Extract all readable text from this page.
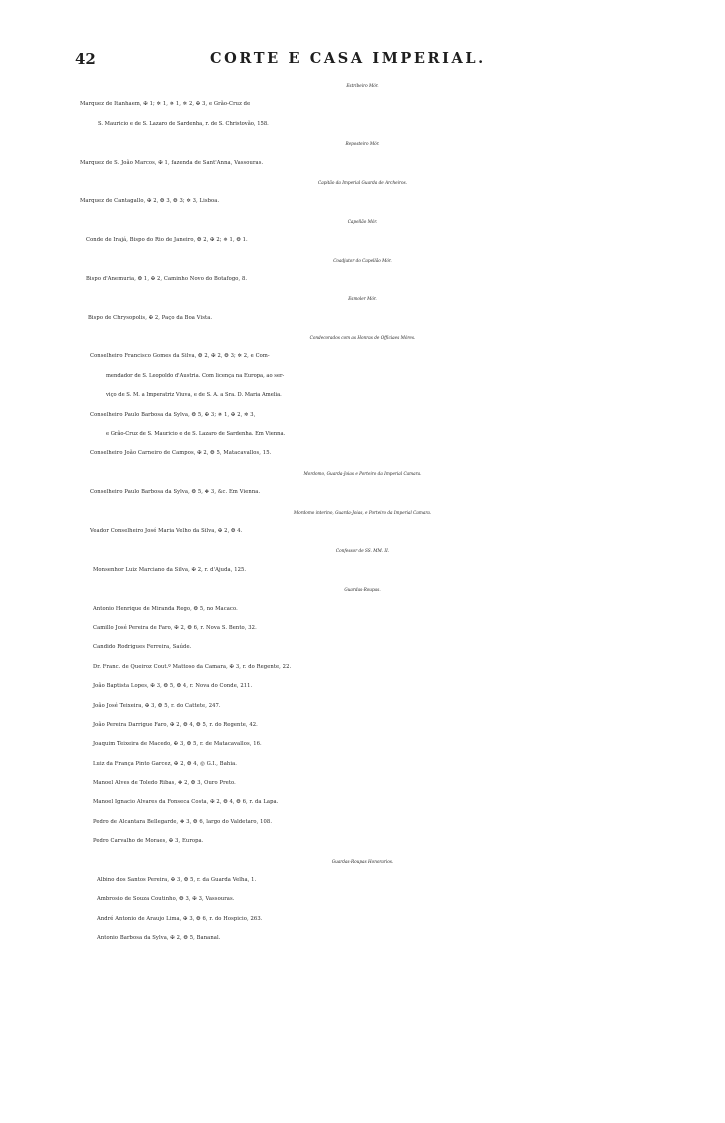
42	CORTE E CASA IMPERIAL.
Estribeiro Mór.
Marquez de Itanhaem, ✠ 1; ✲ 1, ✵ 1, ✲ 2, ✠ 3, e Grão-Cruz de
S. Mauricio e de S. Lazaro de Sardenha, r. de S. Christovão, 158.
Reposteiro Mór.
Marquez de S. João Marcos, ✠ 1, fazenda de Sant'Anna, Vassouras.
Capitão da Imperial Guarda de Archeiros.
Marquez de Cantagallo, ✠ 2, ❂ 3, ❂ 3; ✲ 3, Lisboa.
Capellão Mór.
Conde de Irajá, Bispo do Rio de Janeiro, ❂ 2, ✠ 2; ✵ 1, ❂ 1.
Coadjutor do Capellão Mór.
Bispo d'Anemuria, ❂ 1, ✠ 2, Caminho Novo do Botafogo, 8.
Esmoler Mór.
Bispo de Chrysopolis, ✠ 2, Paço da Boa Vista.
Condecorados com as Honras de Officiaes Móres.
Conselheiro Francisco Gomes da Silva, ❂ 2, ✠ 2, ❂ 3; ✲ 2, e Com-
mendador de S. Leopoldo d'Austria. Com licença na Europa, ao ser-
viço de S. M. a Imperatriz Viuva, e de S. A. a Sra. D. Maria Amelia.
Conselheiro Paulo Barbosa da Sylva, ❂ 5, ✠ 3; ✵ 1, ✠ 2, ✲ 3,
e Grão-Cruz de S. Mauricio e de S. Lazaro de Sardenha. Em Vienna.
Conselheiro João Carneiro de Campos, ✠ 2, ❂ 5, Matacavallos, 15.
Mordomo, Guarda-Joias e Porteiro da Imperial Camara.
Conselheiro Paulo Barbosa da Sylva, ❂ 5, ✥ 3, &c. Em Vienna.
Mordomo interino, Guarda-Joias, e Porteiro da Imperial Camara.
Veador Conselheiro José Maria Velho da Silva, ✠ 2, ❂ 4.
Confessor de SS. MM. II.
Monsenhor Luiz Marciano da Silva, ✠ 2, r. d'Ajuda, 125.
Guardas-Roupas.
Antonio Henrique de Miranda Rego, ❂ 5, no Macaco.
Camillo José Pereira de Faro, ✠ 2, ❂ 6, r. Nova S. Bento, 32.
Candido Rodrigues Ferreira, Saúde.
Dr. Franc. de Queiroz Cout.º Mattoso da Camara, ✠ 3, r. do Regente, 22.
João Baptista Lopes, ✠ 3, ❂ 5, ❂ 4, r. Nova do Conde, 211.
João José Teixeira, ✠ 3, ❂ 5, r. do Cattete, 247.
João Pereira Darrigue Faro, ✠ 2, ❂ 4, ❂ 5, r. do Regente, 42.
Joaquim Teixeira de Macedo, ✠ 3, ❂ 5, r. de Matacavallos, 16.
Luiz da França Pinto Garcez, ✠ 2, ❂ 4, ◎ G.I., Bahia.
Manoel Alves de Toledo Ribas, ✥ 2, ❂ 3, Ouro Preto.
Manoel Ignacio Alvares da Fonseca Costa, ✠ 2, ❂ 4, ❂ 6, r. da Lapa.
Pedro de Alcantara Bellegarde, ✥ 3, ❂ 6, largo do Valdetaro, 108.
Pedro Carvalho de Moraes, ✠ 3, Europa.
Guardas-Roupas Honorarios.
Albino dos Santos Pereira, ✠ 3, ❂ 5, r. da Guarda Velha, 1.
Ambrosio de Souza Coutinho, ❂ 3, ✠ 3, Vassouras.
André Antonio de Araujo Lima, ✠ 3, ❂ 6, r. do Hospicio, 263.
Antonio Barbosa da Sylva, ✠ 2, ❂ 5, Bananal.
